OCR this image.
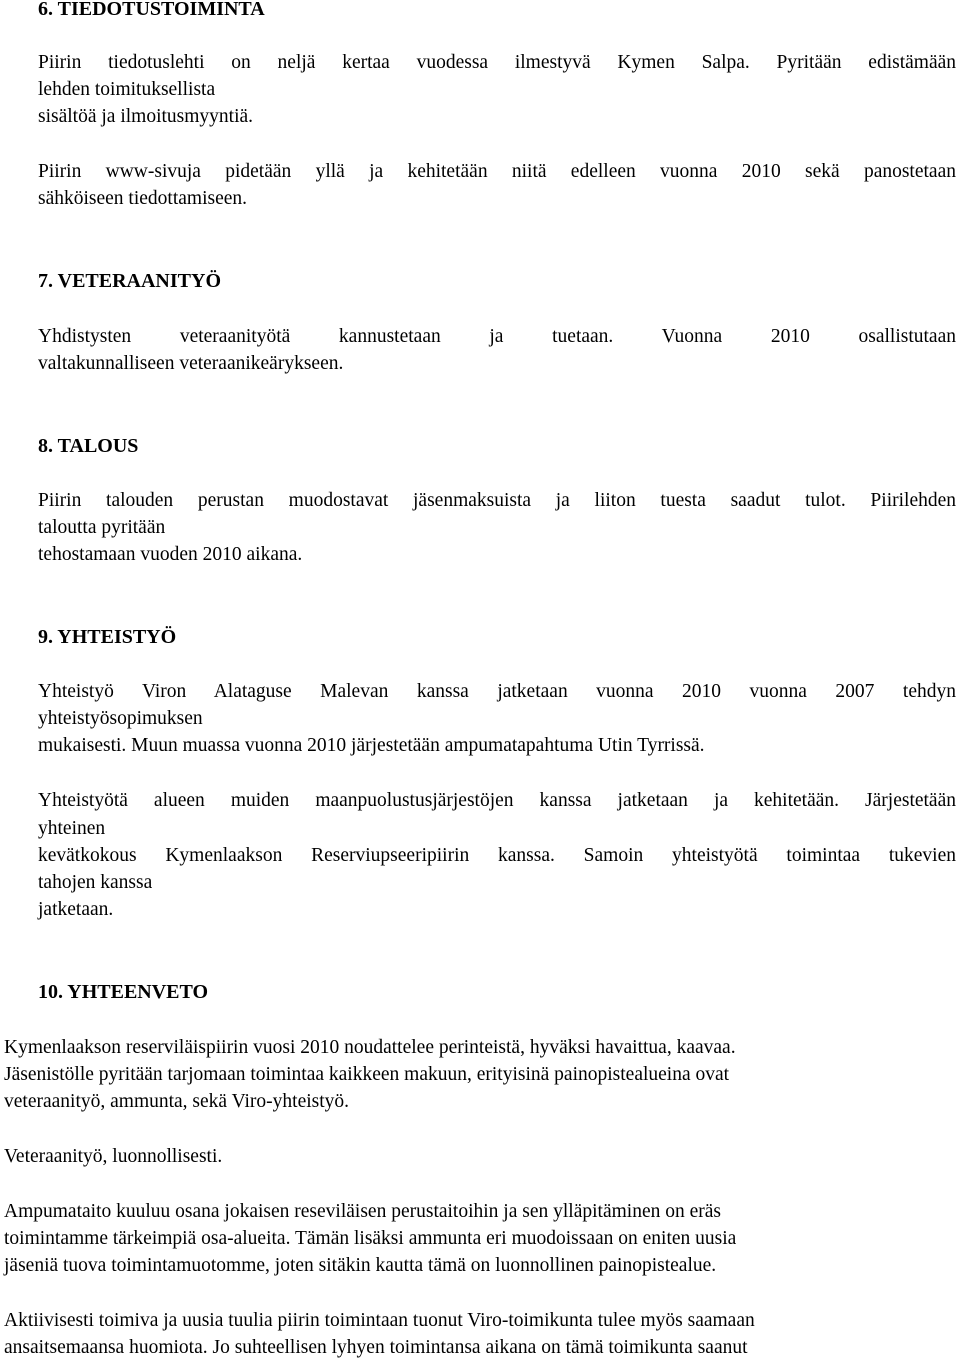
6. TIEDOTUSTOIMINTA
Piirin tiedotuslehti on neljä kertaa vuodessa ilmestyvä Kymen Salpa. Pyritään edistämään
lehden toimituksellista
sisältöä ja ilmoitusmyyntiä.
Piirin www-sivuja pidetään yllä ja kehitetään niitä edelleen vuonna 2010 sekä panostetaan
sähköiseen tiedottamiseen.
7. VETERAANITYÖ
Yhdistysten veteraanityötä kannustetaan ja tuetaan. Vuonna 2010 osallistutaan
valtakunnalliseen veteraanikeärykseen.
8. TALOUS
Piirin talouden perustan muodostavat jäsenmaksuista ja liiton tuesta saadut tulot. Piirilehden
taloutta pyritään
tehostamaan vuoden 2010 aikana.
9. YHTEISTYÖ
Yhteistyö Viron Alataguse Malevan kanssa jatketaan vuonna 2010 vuonna 2007 tehdyn
yhteistyösopimuksen
mukaisesti. Muun muassa vuonna 2010 järjestetään ampumatapahtuma Utin Tyrrissä.
Yhteistyötä alueen muiden maanpuolustusjärjestöjen kanssa jatketaan ja kehitetään. Järjestetään
yhteinen
kevätkokous Kymenlaakson Reserviupseeripiirin kanssa. Samoin yhteistyötä toimintaa tukevien
tahojen kanssa
jatketaan.
10. YHTEENVETO
Kymenlaakson reserviläispiirin vuosi 2010 noudattelee perinteistä, hyväksi havaittua, kaavaa.
Jäsenistölle pyritään tarjomaan toimintaa kaikkeen makuun, erityisinä painopistealueina ovat
veteraanityö, ammunta, sekä Viro-yhteistyö.
Veteraanityö, luonnollisesti.
Ampumataito kuuluu osana jokaisen reseviläisen perustaitoihin ja sen ylläpitäminen on eräs
toimintamme tärkeimpiä osa-alueita. Tämän lisäksi ammunta eri muodoissaan on eniten uusia
jäseniä tuova toimintamuotomme, joten sitäkin kautta tämä on luonnollinen painopistealue.
Aktiivisesti toimiva ja uusia tuulia piirin toimintaan tuonut Viro-toimikunta tulee myös saamaan
ansaitsemaansa huomiota. Jo suhteellisen lyhyen toimintansa aikana on tämä toimikunta saanut
